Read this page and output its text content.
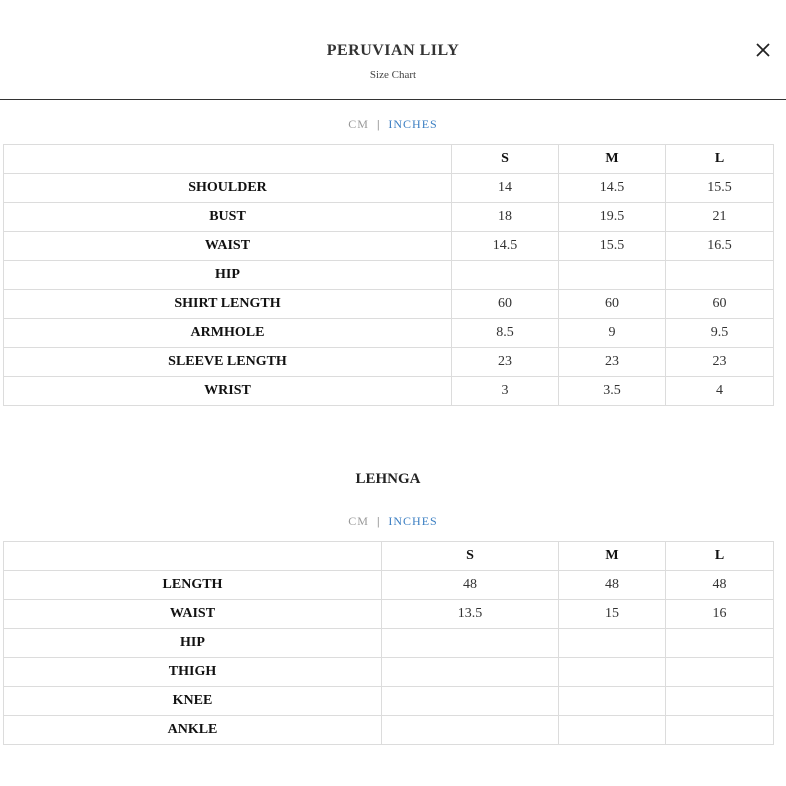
PERUVIAN LILY
Size Chart
CM | INCHES
	S	M	L
SHOULDER	14	14.5	15.5
BUST	18	19.5	21
WAIST	14.5	15.5	16.5
HIP			
SHIRT LENGTH	60	60	60
ARMHOLE	8.5	9	9.5
SLEEVE LENGTH	23	23	23
WRIST	3	3.5	4
LEHNGA
CM | INCHES
	S	M	L
LENGTH	48	48	48
WAIST	13.5	15	16
HIP			
THIGH			
KNEE			
ANKLE			
